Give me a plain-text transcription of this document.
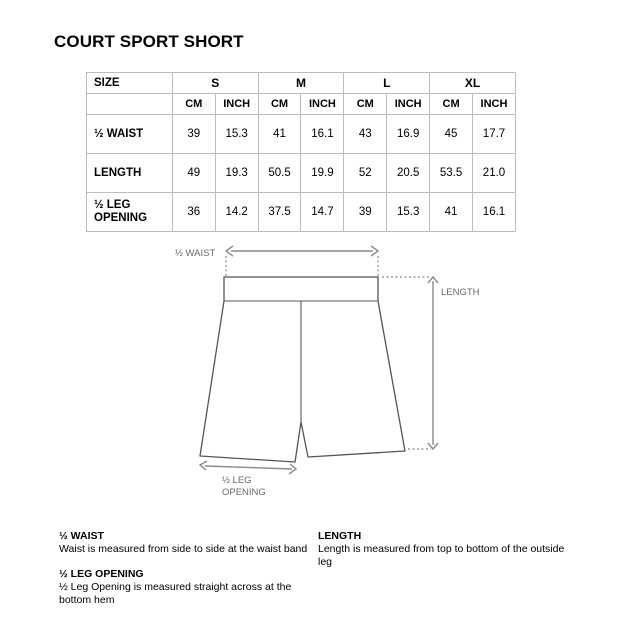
COURT SPORT SHORT
SIZE	S		M		L		XL	
	CM	INCH	CM	INCH	CM	INCH	CM	INCH
½ WAIST	39	15.3	41	16.1	43	16.9	45	17.7
LENGTH	49	19.3	50.5	19.9	52	20.5	53.5	21.0
½ LEG
OPENING	36	14.2	37.5	14.7	39	15.3	41	16.1
½ WAIST
LENGTH
½ LEG
OPENING
½ WAIST
Waist is measured from side to side at the waist band
LENGTH
Length is measured from top to bottom of the outside leg
½ LEG OPENING
½ Leg Opening is measured straight across at the bottom hem
